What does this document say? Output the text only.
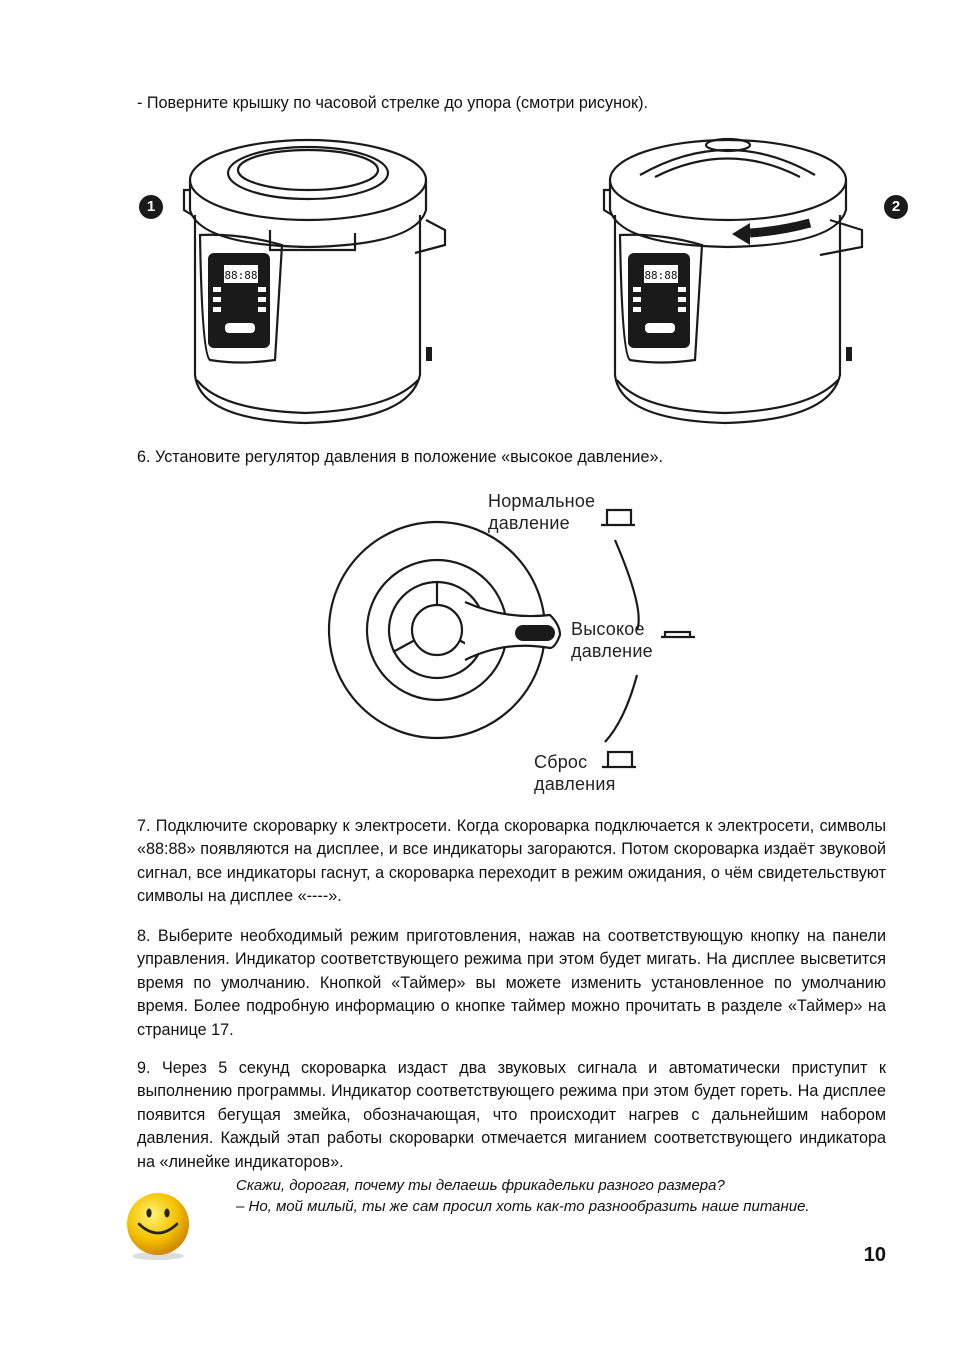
- Поверните крышку по часовой стрелке до упора (смотри рисунок).

1	2
88:88	88:88

6. Установите регулятор давления в положение «высокое давление».

Нормальное
давление
Высокое
давление
Сброс
давления

7. Подключите скороварку к электросети. Когда скороварка подключается к электросети, символы «88:88» появляются на дисплее, и все индикаторы загораются. Потом скороварка издаёт звуковой сигнал, все индикаторы гаснут, а скороварка переходит в режим ожидания, о чём свидетельствуют символы на дисплее «----».

8. Выберите необходимый режим приготовления, нажав на соответствующую кнопку на панели управления. Индикатор соответствующего режима при этом будет мигать. На дисплее высветится время по умолчанию. Кнопкой «Таймер» вы можете изменить установленное по умолчанию время. Более подробную информацию о кнопке таймер можно прочитать в разделе «Таймер» на странице 17.

9. Через 5 секунд скороварка издаст два звуковых сигнала и автоматически приступит к выполнению программы. Индикатор соответствующего режима при этом будет гореть. На дисплее появится бегущая змейка, обозначающая, что происходит нагрев с дальнейшим набором давления. Каждый этап работы скороварки отмечается миганием соответствующего индикатора на «линейке индикаторов».

Скажи, дорогая, почему ты делаешь фрикадельки разного размера?

– Но, мой милый, ты же сам просил хоть как-то разнообразить наше питание.

10
